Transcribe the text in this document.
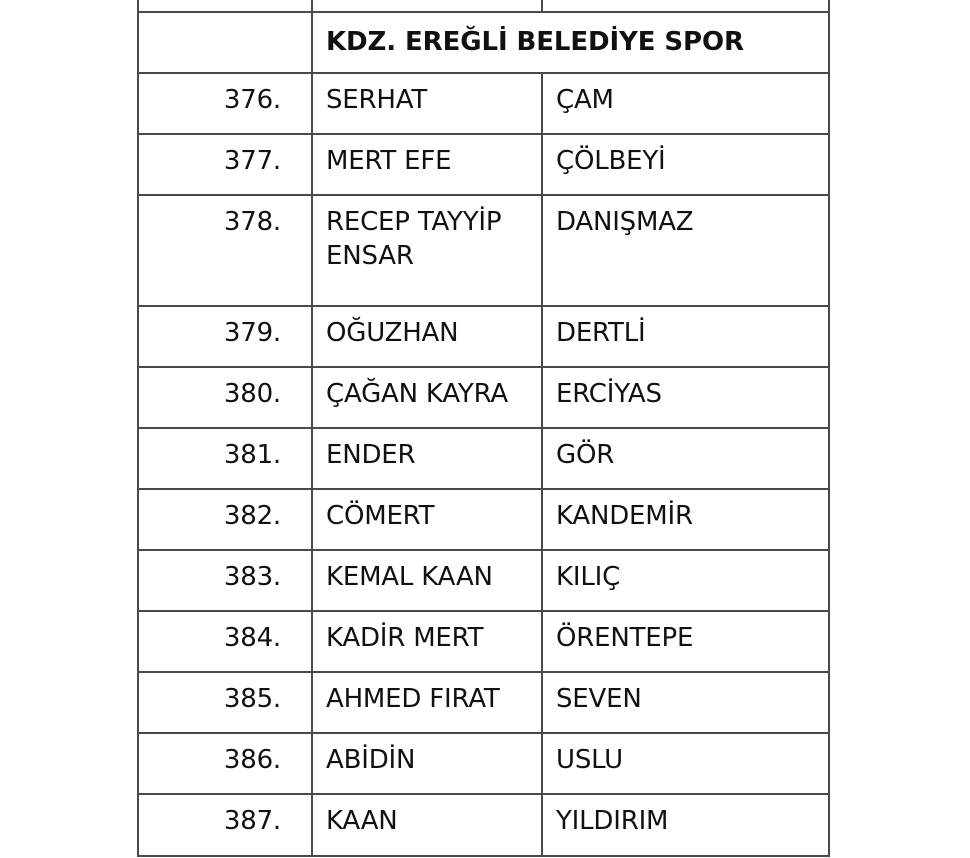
	KDZ. EREĞLİ BELEDİYE SPOR	

376.	SERHAT	ÇAM

377.	MERT EFE	ÇÖLBEYİ

378.	RECEP TAYYİP ENSAR	DANIŞMAZ

379.	OĞUZHAN	DERTLİ

380.	ÇAĞAN KAYRA	ERCİYAS

381.	ENDER	GÖR

382.	CÖMERT	KANDEMİR

383.	KEMAL KAAN	KILIÇ

384.	KADİR MERT	ÖRENTEPE

385.	AHMED FIRAT	SEVEN

386.	ABİDİN	USLU

387.	KAAN	YILDIRIM
